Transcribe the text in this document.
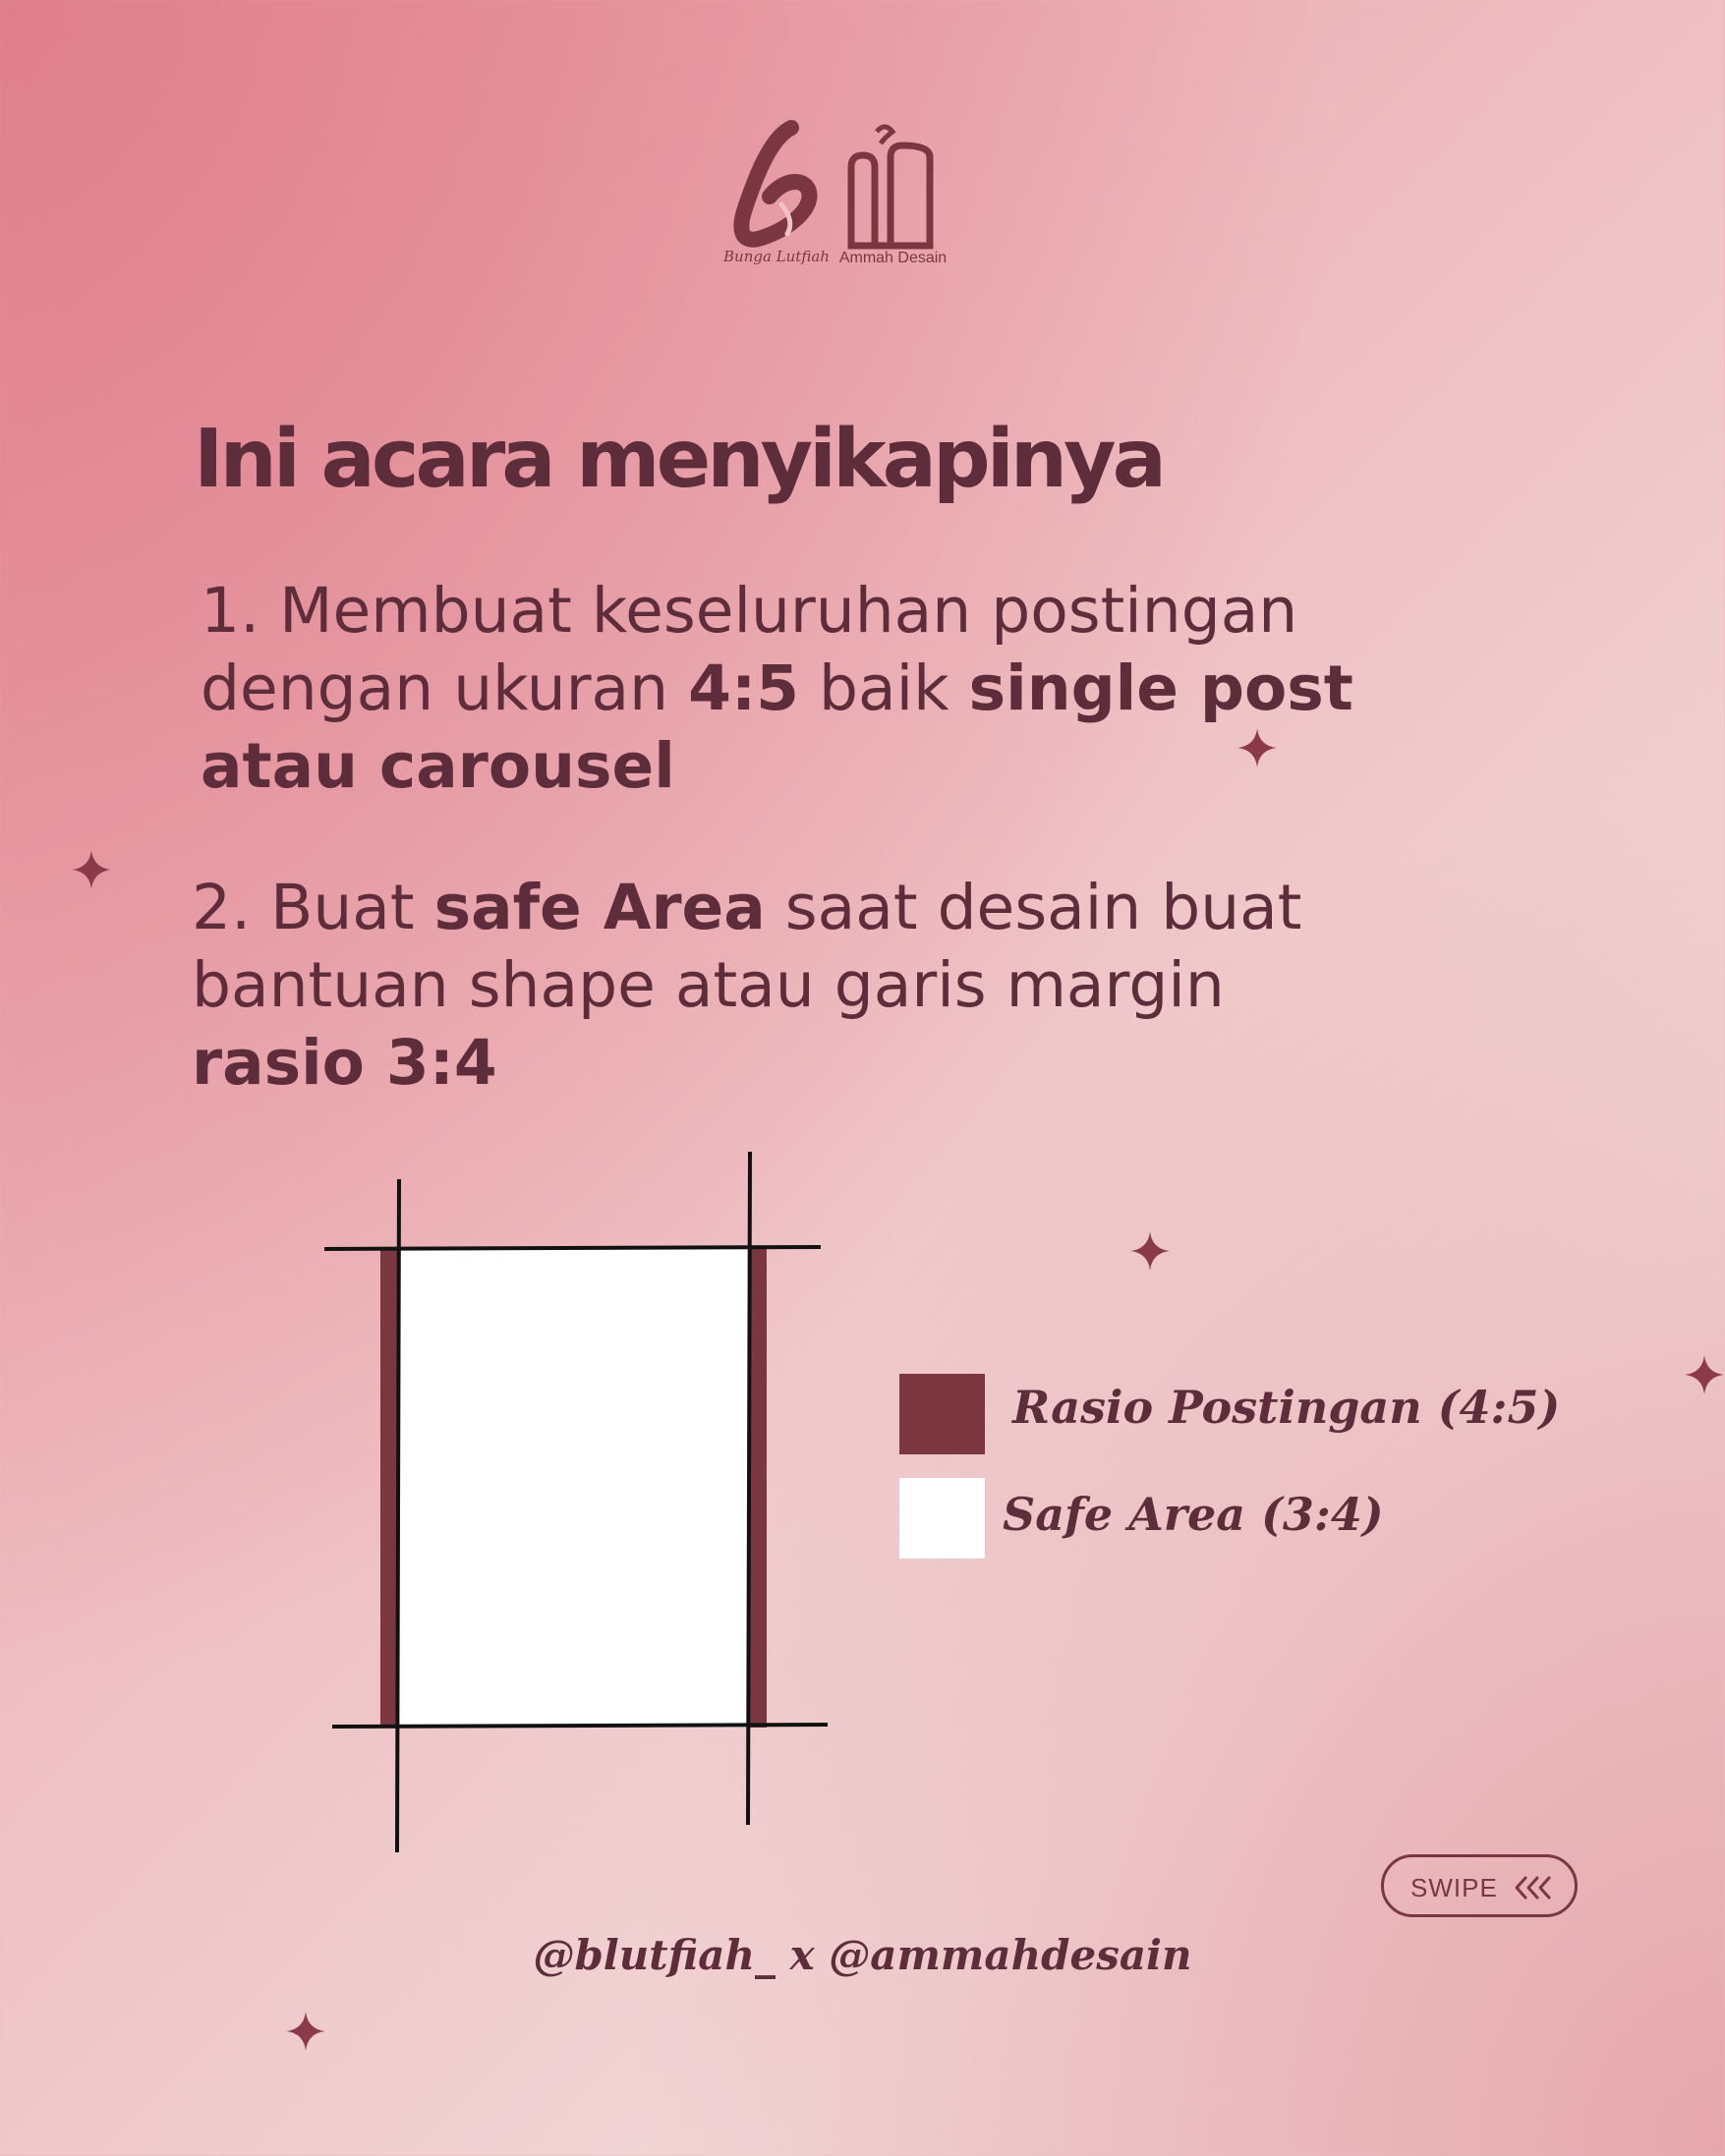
Bunga Lutfiah Ammah Desain
Ini acara menyikapinya
1. Membuat keseluruhan postingan
dengan ukuran 4:5 baik single post
atau carousel
2. Buat safe Area saat desain buat
bantuan shape atau garis margin
rasio 3:4
Rasio Postingan (4:5)
Safe Area (3:4)
SWIPE
@blutfiah_ x @ammahdesain
